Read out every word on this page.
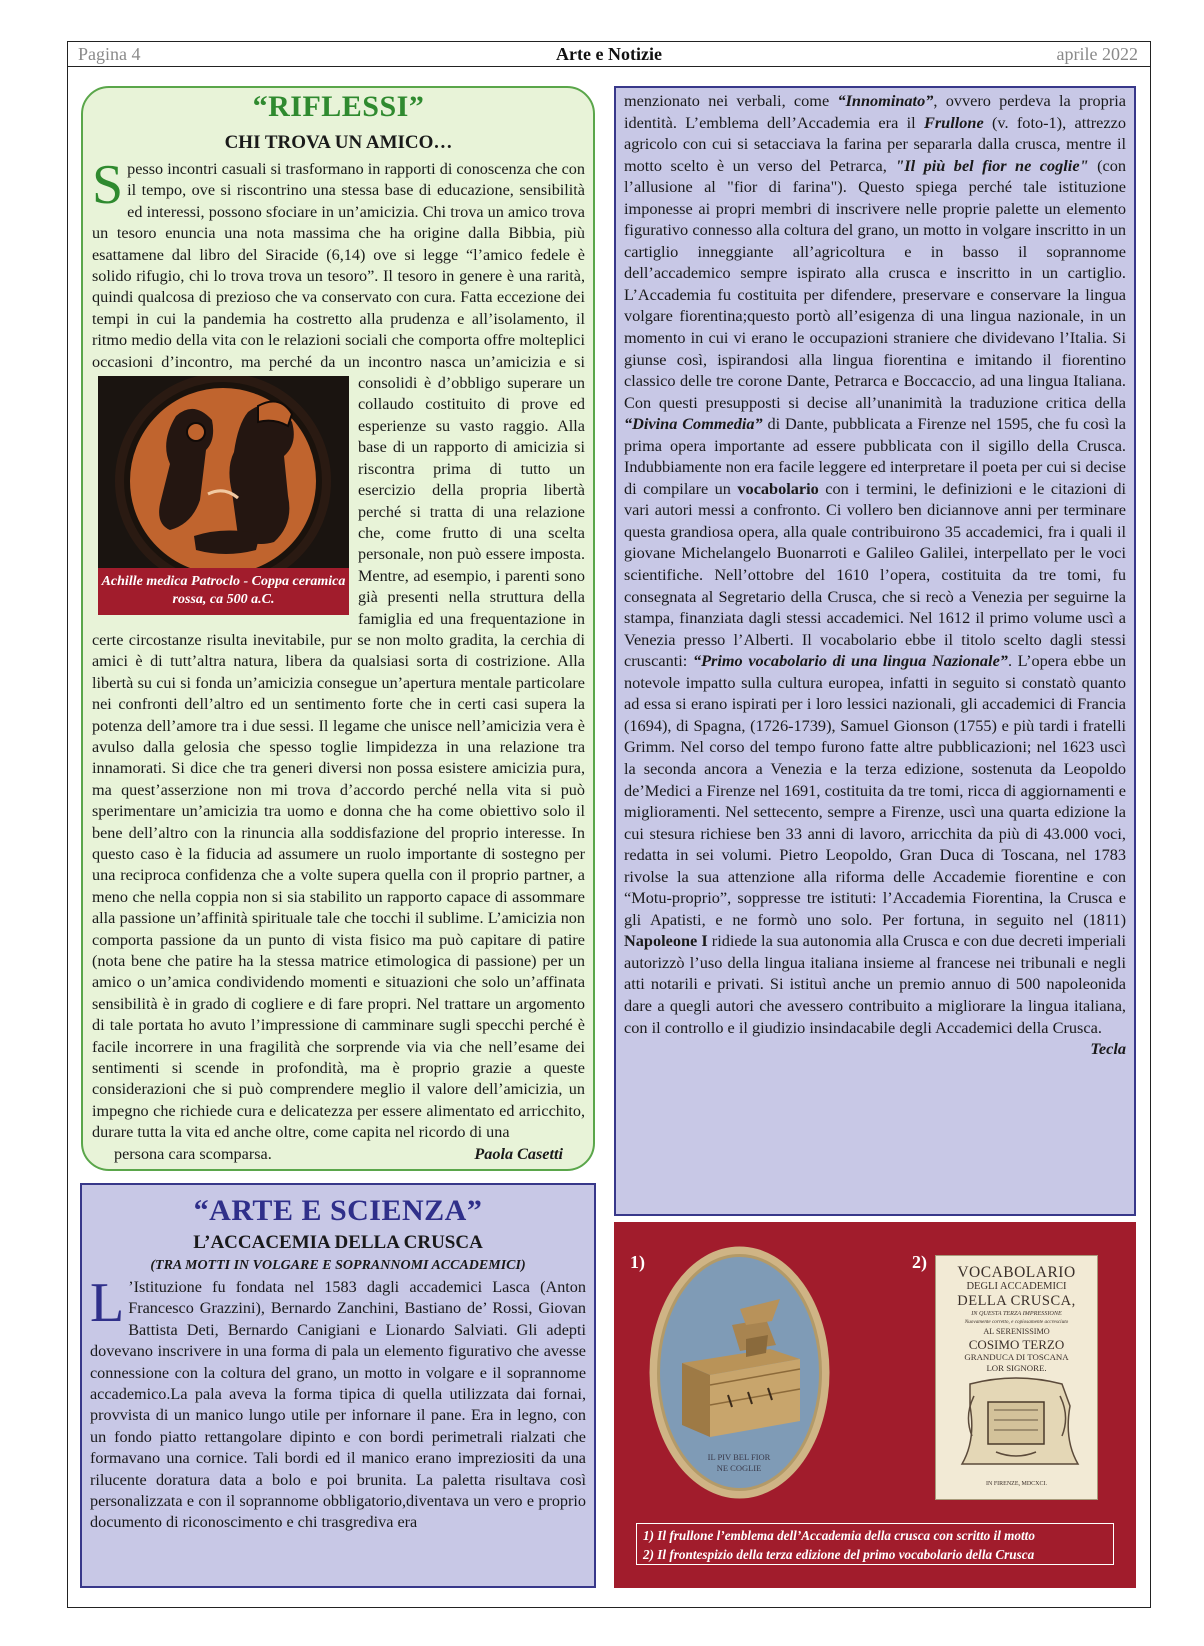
Pagina 4	Arte e Notizie	aprile 2022
“RIFLESSI”
CHI TROVA UN AMICO…
Spesso incontri casuali si trasformano in rapporti di conoscenza che con il tempo, ove si riscontrino una stessa base di educazione, sensibilità ed interessi, possono sfociare in un’amicizia. Chi trova un amico trova un tesoro enuncia una nota massima che ha origine dalla Bibbia, più esattamene dal libro del Siracide (6,14) ove si legge “l’amico fedele è solido rifugio, chi lo trova trova un tesoro”. Il tesoro in genere è una rarità, quindi qualcosa di prezioso che va conservato con cura. Fatta eccezione dei tempi in cui la pandemia ha costretto alla prudenza e all’isolamento, il ritmo medio della vita con le relazioni sociali che comporta offre molteplici occasioni d’incontro, ma perché da un incontro nasca
Achille medica Patroclo - Coppa ceramica rossa, ca 500 a.C.
un’amicizia e si consolidi è d’obbligo superare un collaudo costituito di prove ed esperienze su vasto raggio. Alla base di un rapporto di amicizia si riscontra prima di tutto un esercizio della propria libertà perché si tratta di una relazione che, come frutto di una scelta personale, non può essere imposta. Mentre, ad esempio, i parenti sono già presenti nella struttura della famiglia ed una frequentazione in certe circostanze risulta inevitabile, pur se non molto gradita, la cerchia di amici è di tutt’altra natura, libera da qualsiasi sorta di costrizione. Alla libertà su cui si fonda un’amicizia consegue un’apertura mentale particolare nei confronti dell’altro ed un sentimento forte che in certi casi supera la potenza dell’amore tra i due sessi. Il legame che unisce nell’amicizia vera è avulso dalla gelosia che spesso toglie limpidezza in una relazione tra innamorati. Si dice che tra generi diversi non possa esistere amicizia pura, ma quest’asserzione non mi trova d’accordo perché nella vita si può sperimentare un’amicizia tra uomo e donna che ha come obiettivo solo il bene dell’altro con la rinuncia alla soddisfazione del proprio interesse. In questo caso è la fiducia ad assumere un ruolo importante di sostegno per una reciproca confidenza che a volte supera quella con il proprio partner, a meno che nella coppia non si sia stabilito un rapporto capace di assommare alla passione un’affinità spirituale tale che tocchi il sublime. L’amicizia non comporta passione da un punto di vista fisico ma può capitare di patire (nota bene che patire ha la stessa matrice etimologica di passione) per un amico o un’amica condividendo momenti e situazioni che solo un’affinata sensibilità è in grado di cogliere e di fare propri. Nel trattare un argomento di tale portata ho avuto l’impressione di camminare sugli specchi perché è facile incorrere in una fragilità che sorprende via via che nell’esame dei sentimenti si scende in profondità, ma è proprio grazie a queste considerazioni che si può comprendere meglio il valore dell’amicizia, un impegno che richiede cura e delicatezza per essere alimentato ed arricchito, durare tutta la vita ed anche oltre, come capita nel ricordo di una
persona cara scomparsa.	Paola Casetti
“ARTE E SCIENZA”
L’ACCACEMIA DELLA CRUSCA
(TRA MOTTI IN VOLGARE E SOPRANNOMI ACCADEMICI)
L ’Istituzione fu fondata nel 1583 dagli accademici Lasca (Anton Francesco Grazzini), Bernardo Zanchini, Bastiano de’ Rossi, Giovan Battista Deti, Bernardo Canigiani e Lionardo Salviati. Gli adepti dovevano inscrivere in una forma di pala un elemento figurativo che avesse connessione con la coltura del grano, un motto in volgare e il soprannome accademico.La pala aveva la forma tipica di quella utilizzata dai fornai, provvista di un manico lungo utile per infornare il pane. Era in legno, con un fondo piatto rettangolare dipinto e con bordi perimetrali rialzati che formavano una cornice. Tali bordi ed il manico erano impreziositi da una rilucente doratura data a bolo e poi brunita. La paletta risultava così personalizzata e con il soprannome obbligatorio,diventava un vero e proprio documento di riconoscimento e chi trasgrediva era
menzionato nei verbali, come “Innominato”, ovvero perdeva la propria identità. L’emblema dell’Accademia era il Frullone (v. foto-1), attrezzo agricolo con cui si setacciava la farina per separarla dalla crusca, mentre il motto scelto è un verso del Petrarca, "Il più bel fior ne coglie" (con l’allusione al "fior di farina"). Questo spiega perché tale istituzione imponesse ai propri membri di inscrivere nelle proprie palette un elemento figurativo connesso alla coltura del grano, un motto in volgare inscritto in un cartiglio inneggiante all’agricoltura e in basso il soprannome dell’accademico sempre ispirato alla crusca e inscritto in un cartiglio. L’Accademia fu costituita per difendere, preservare e conservare la lingua volgare fiorentina;questo portò all’esigenza di una lingua nazionale, in un momento in cui vi erano le occupazioni straniere che dividevano l’Italia. Si giunse così, ispirandosi alla lingua fiorentina e imitando il fiorentino classico delle tre corone Dante, Petrarca e Boccaccio, ad una lingua Italiana. Con questi presupposti si decise all’unanimità la traduzione critica della “Divina Commedia” di Dante, pubblicata a Firenze nel 1595, che fu così la prima opera importante ad essere pubblicata con il sigillo della Crusca. Indubbiamente non era facile leggere ed interpretare il poeta per cui si decise di compilare un vocabolario con i termini, le definizioni e le citazioni di vari autori messi a confronto. Ci vollero ben diciannove anni per terminare questa grandiosa opera, alla quale contribuirono 35 accademici, fra i quali il giovane Michelangelo Buonarroti e Galileo Galilei, interpellato per le voci scientifiche. Nell’ottobre del 1610 l’opera, costituita da tre tomi, fu consegnata al Segretario della Crusca, che si recò a Venezia per seguirne la stampa, finanziata dagli stessi accademici. Nel 1612 il primo volume uscì a Venezia presso l’Alberti. Il vocabolario ebbe il titolo scelto dagli stessi cruscanti: “Primo vocabolario di una lingua Nazionale”. L’opera ebbe un notevole impatto sulla cultura europea, infatti in seguito si constatò quanto ad essa si erano ispirati per i loro lessici nazionali, gli accademici di Francia (1694), di Spagna, (1726-1739), Samuel Gionson (1755) e più tardi i fratelli Grimm. Nel corso del tempo furono fatte altre pubblicazioni; nel 1623 uscì la seconda ancora a Venezia e la terza edizione, sostenuta da Leopoldo de’Medici a Firenze nel 1691, costituita da tre tomi, ricca di aggiornamenti e miglioramenti. Nel settecento, sempre a Firenze, uscì una quarta edizione la cui stesura richiese ben 33 anni di lavoro, arricchita da più di 43.000 voci, redatta in sei volumi. Pietro Leopoldo, Gran Duca di Toscana, nel 1783 rivolse la sua attenzione alla riforma delle Accademie fiorentine e con “Motu-proprio”, soppresse tre istituti: l’Accademia Fiorentina, la Crusca e gli Apatisti, e ne formò uno solo. Per fortuna, in seguito nel (1811) Napoleone I ridiede la sua autonomia alla Crusca e con due decreti imperiali autorizzò l’uso della lingua italiana insieme al francese nei tribunali e negli atti notarili e privati. Si istituì anche un premio annuo di 500 napoleonida dare a quegli autori che avessero contribuito a migliorare la lingua italiana, con il controllo e il giudizio insindacabile degli Accademici della Crusca.
Tecla
1)	2)
IL PIV BEL FIOR
NE COGLIE
VOCABOLARIO
DEGLI ACCADEMICI
DELLA CRUSCA,
IN QUESTA TERZA IMPRESSIONE
Nuovamente corretto, e copiosamente accresciuto
AL SERENISSIMO
COSIMO TERZO
GRANDUCA DI TOSCANA
LOR SIGNORE.
IN FIRENZE, MDCXCI.
1) Il frullone l’emblema dell’Accademia della crusca con scritto il motto
2) Il frontespizio della terza edizione del primo vocabolario della Crusca
